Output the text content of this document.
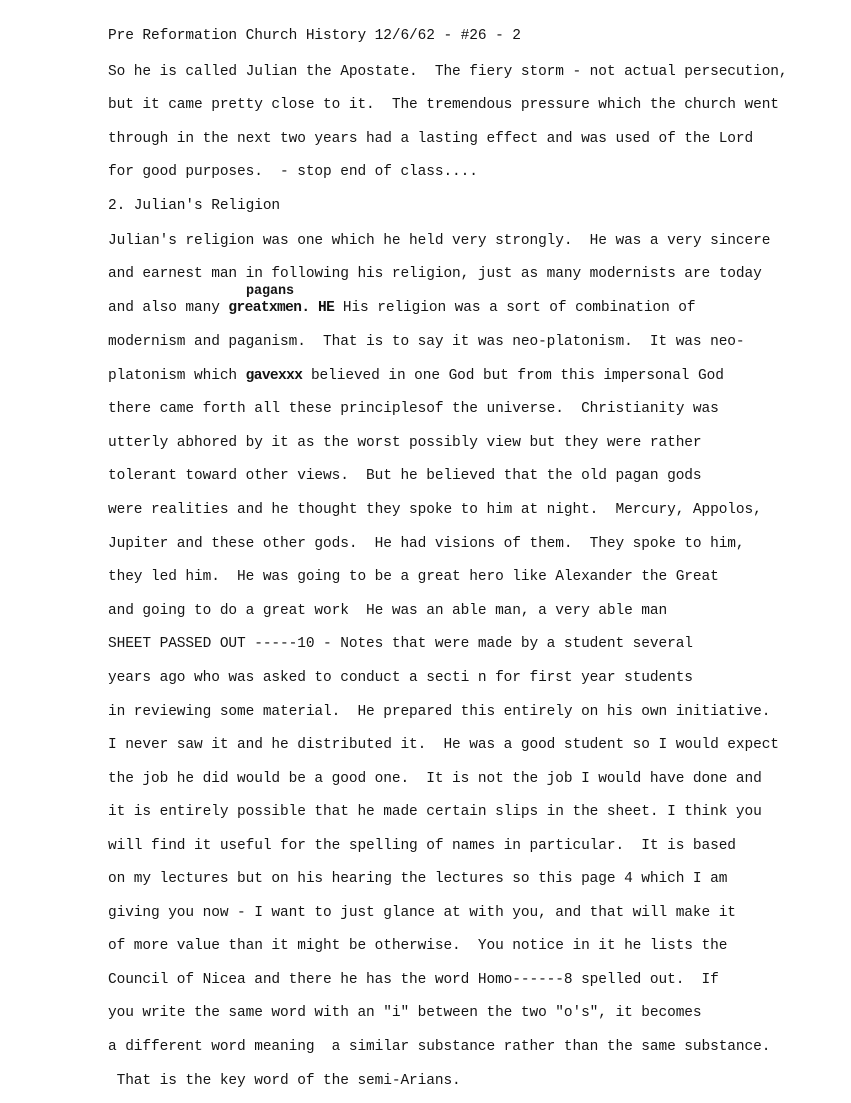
Pre Reformation Church History 12/6/62 - #26 - 2
So he is called Julian the Apostate.  The fiery storm - not actual persecution,
but it came pretty close to it.  The tremendous pressure which the church went
through in the next two years had a lasting effect and was used of the Lord
for good purposes.  - stop end of class....
2. Julian's Religion
Julian's religion was one which he held very strongly.  He was a very sincere
and earnest man in following his religion, just as many modernists are today
pagans
and also many greatxmen. HE His religion was a sort of combination of
modernism and paganism.  That is to say it was neo-platonism.  It was neo-
platonism which gavexxx believed in one God but from this impersonal God
there came forth all these principlesof the universe.  Christianity was
utterly abhored by it as the worst possibly view but they were rather
tolerant toward other views.  But he believed that the old pagan gods
were realities and he thought they spoke to him at night.  Mercury, Appolos,
Jupiter and these other gods.  He had visions of them.  They spoke to him,
they led him.  He was going to be a great hero like Alexander the Great
and going to do a great work  He was an able man, a very able man
SHEET PASSED OUT -----10 - Notes that were made by a student several
years ago who was asked to conduct a secti n for first year students
in reviewing some material.  He prepared this entirely on his own initiative.
I never saw it and he distributed it.  He was a good student so I would expect
the job he did would be a good one.  It is not the job I would have done and
it is entirely possible that he made certain slips in the sheet. I think you
will find it useful for the spelling of names in particular.  It is based
on my lectures but on his hearing the lectures so this page 4 which I am
giving you now - I want to just glance at with you, and that will make it
of more value than it might be otherwise.  You notice in it he lists the
Council of Nicea and there he has the word Homo------8 spelled out.  If
you write the same word with an "i" between the two "o's", it becomes
a different word meaning  a similar substance rather than the same substance.
That is the key word of the semi-Arians.
